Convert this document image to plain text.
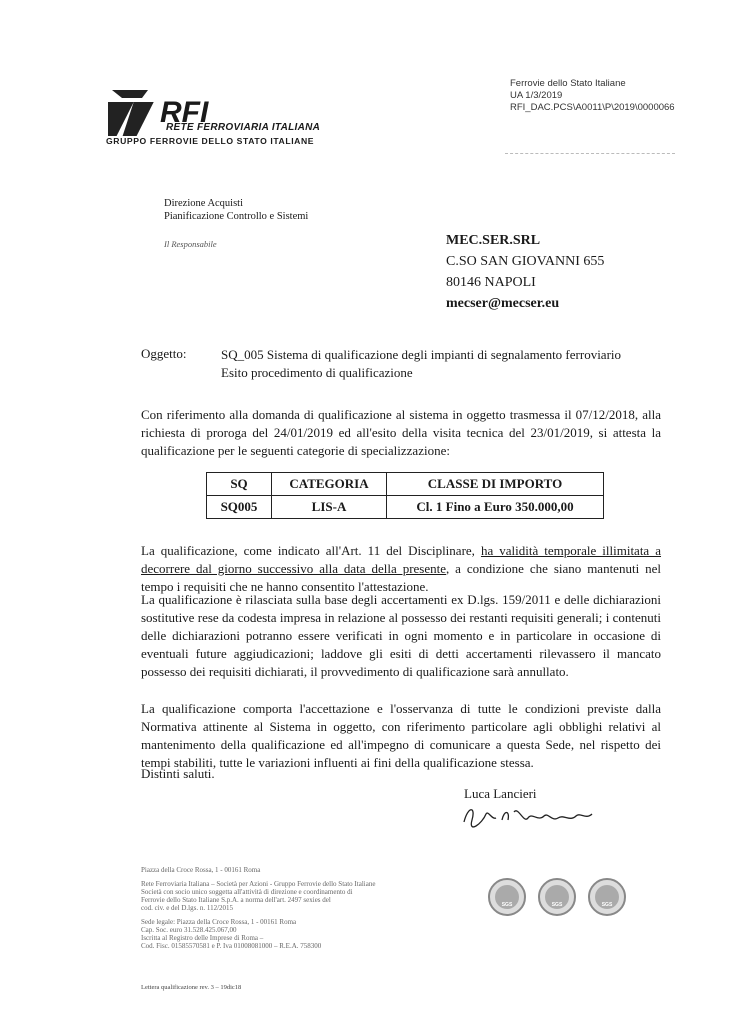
RFI
RETE FERROVIARIA ITALIANA
GRUPPO FERROVIE DELLO STATO ITALIANE
Ferrovie dello Stato Italiane
UA 1/3/2019
RFI_DAC.PCS\A0011\P\2019\0000066
Direzione Acquisti
Pianificazione Controllo e Sistemi
Il Responsabile	MEC.SER.SRL
C.SO SAN GIOVANNI 655
80146 NAPOLI
mecser@mecser.eu
Oggetto:	SQ_005 Sistema di qualificazione degli impianti di segnalamento ferroviario
Esito procedimento di qualificazione
Con riferimento alla domanda di qualificazione al sistema in oggetto trasmessa il 07/12/2018, alla richiesta di proroga del 24/01/2019 ed all'esito della visita tecnica del 23/01/2019, si attesta la qualificazione per le seguenti categorie di specializzazione:
SQ	CATEGORIA	CLASSE DI IMPORTO
SQ005	LIS-A	Cl. 1 Fino a Euro 350.000,00
La qualificazione, come indicato all'Art. 11 del Disciplinare, ha validità temporale illimitata a decorrere dal giorno successivo alla data della presente, a condizione che siano mantenuti nel tempo i requisiti che ne hanno consentito l'attestazione.
La qualificazione è rilasciata sulla base degli accertamenti ex D.lgs. 159/2011 e delle dichiarazioni sostitutive rese da codesta impresa in relazione al possesso dei restanti requisiti generali; i contenuti delle dichiarazioni potranno essere verificati in ogni momento e in particolare in occasione di eventuali future aggiudicazioni; laddove gli esiti di detti accertamenti rilevassero il mancato possesso dei requisiti dichiarati, il provvedimento di qualificazione sarà annullato.
La qualificazione comporta l'accettazione e l'osservanza di tutte le condizioni previste dalla Normativa attinente al Sistema in oggetto, con riferimento particolare agli obblighi relativi al mantenimento della qualificazione ed all'impegno di comunicare a questa Sede, nel rispetto dei tempi stabiliti, tutte le variazioni influenti ai fini della qualificazione stessa.
Distinti saluti.
Luca Lancieri
Piazza della Croce Rossa, 1 - 00161 Roma
Rete Ferroviaria Italiana – Società per Azioni - Gruppo Ferrovie dello Stato Italiane
Società con socio unico soggetta all'attività di direzione e coordinamento di
Ferrovie dello Stato Italiane S.p.A. a norma dell'art. 2497 sexies del
cod. civ. e del D.lgs. n. 112/2015
Sede legale: Piazza della Croce Rossa, 1 - 00161 Roma
Cap. Soc. euro 31.528.425.067,00
Iscritta al Registro delle Imprese di Roma –
Cod. Fisc. 01585570581 e P. Iva 01008081000 – R.E.A. 758300
Lettera qualificazione rev. 3 – 19dic18
SGS	SGS	SGS
